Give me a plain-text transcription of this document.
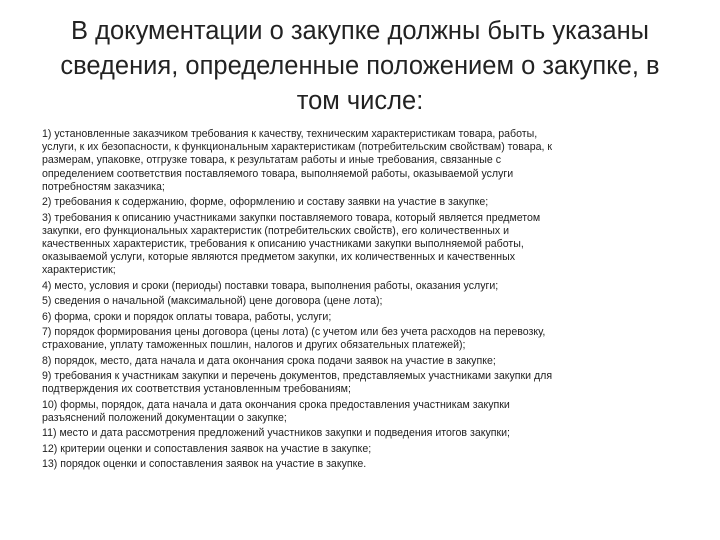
В документации о закупке должны быть указаны
сведения, определенные положением о закупке, в
том числе:
1) установленные заказчиком требования к качеству, техническим характеристикам товара, работы,
услуги, к их безопасности, к функциональным характеристикам (потребительским свойствам) товара, к
размерам, упаковке, отгрузке товара, к результатам работы и иные требования, связанные с
определением соответствия поставляемого товара, выполняемой работы, оказываемой услуги
потребностям заказчика;
2) требования к содержанию, форме, оформлению и составу заявки на участие в закупке;
3) требования к описанию участниками закупки поставляемого товара, который является предметом
закупки, его функциональных характеристик (потребительских свойств), его количественных и
качественных характеристик, требования к описанию участниками закупки выполняемой работы,
оказываемой услуги, которые являются предметом закупки, их количественных и качественных
характеристик;
4) место, условия и сроки (периоды) поставки товара, выполнения работы, оказания услуги;
5) сведения о начальной (максимальной) цене договора (цене лота);
6) форма, сроки и порядок оплаты товара, работы, услуги;
7) порядок формирования цены договора (цены лота) (с учетом или без учета расходов на перевозку,
страхование, уплату таможенных пошлин, налогов и других обязательных платежей);
8) порядок, место, дата начала и дата окончания срока подачи заявок на участие в закупке;
9) требования к участникам закупки и перечень документов, представляемых участниками закупки для
подтверждения их соответствия установленным требованиям;
10) формы, порядок, дата начала и дата окончания срока предоставления участникам закупки
разъяснений положений документации о закупке;
11) место и дата рассмотрения предложений участников закупки и подведения итогов закупки;
12) критерии оценки и сопоставления заявок на участие в закупке;
13) порядок оценки и сопоставления заявок на участие в закупке.
